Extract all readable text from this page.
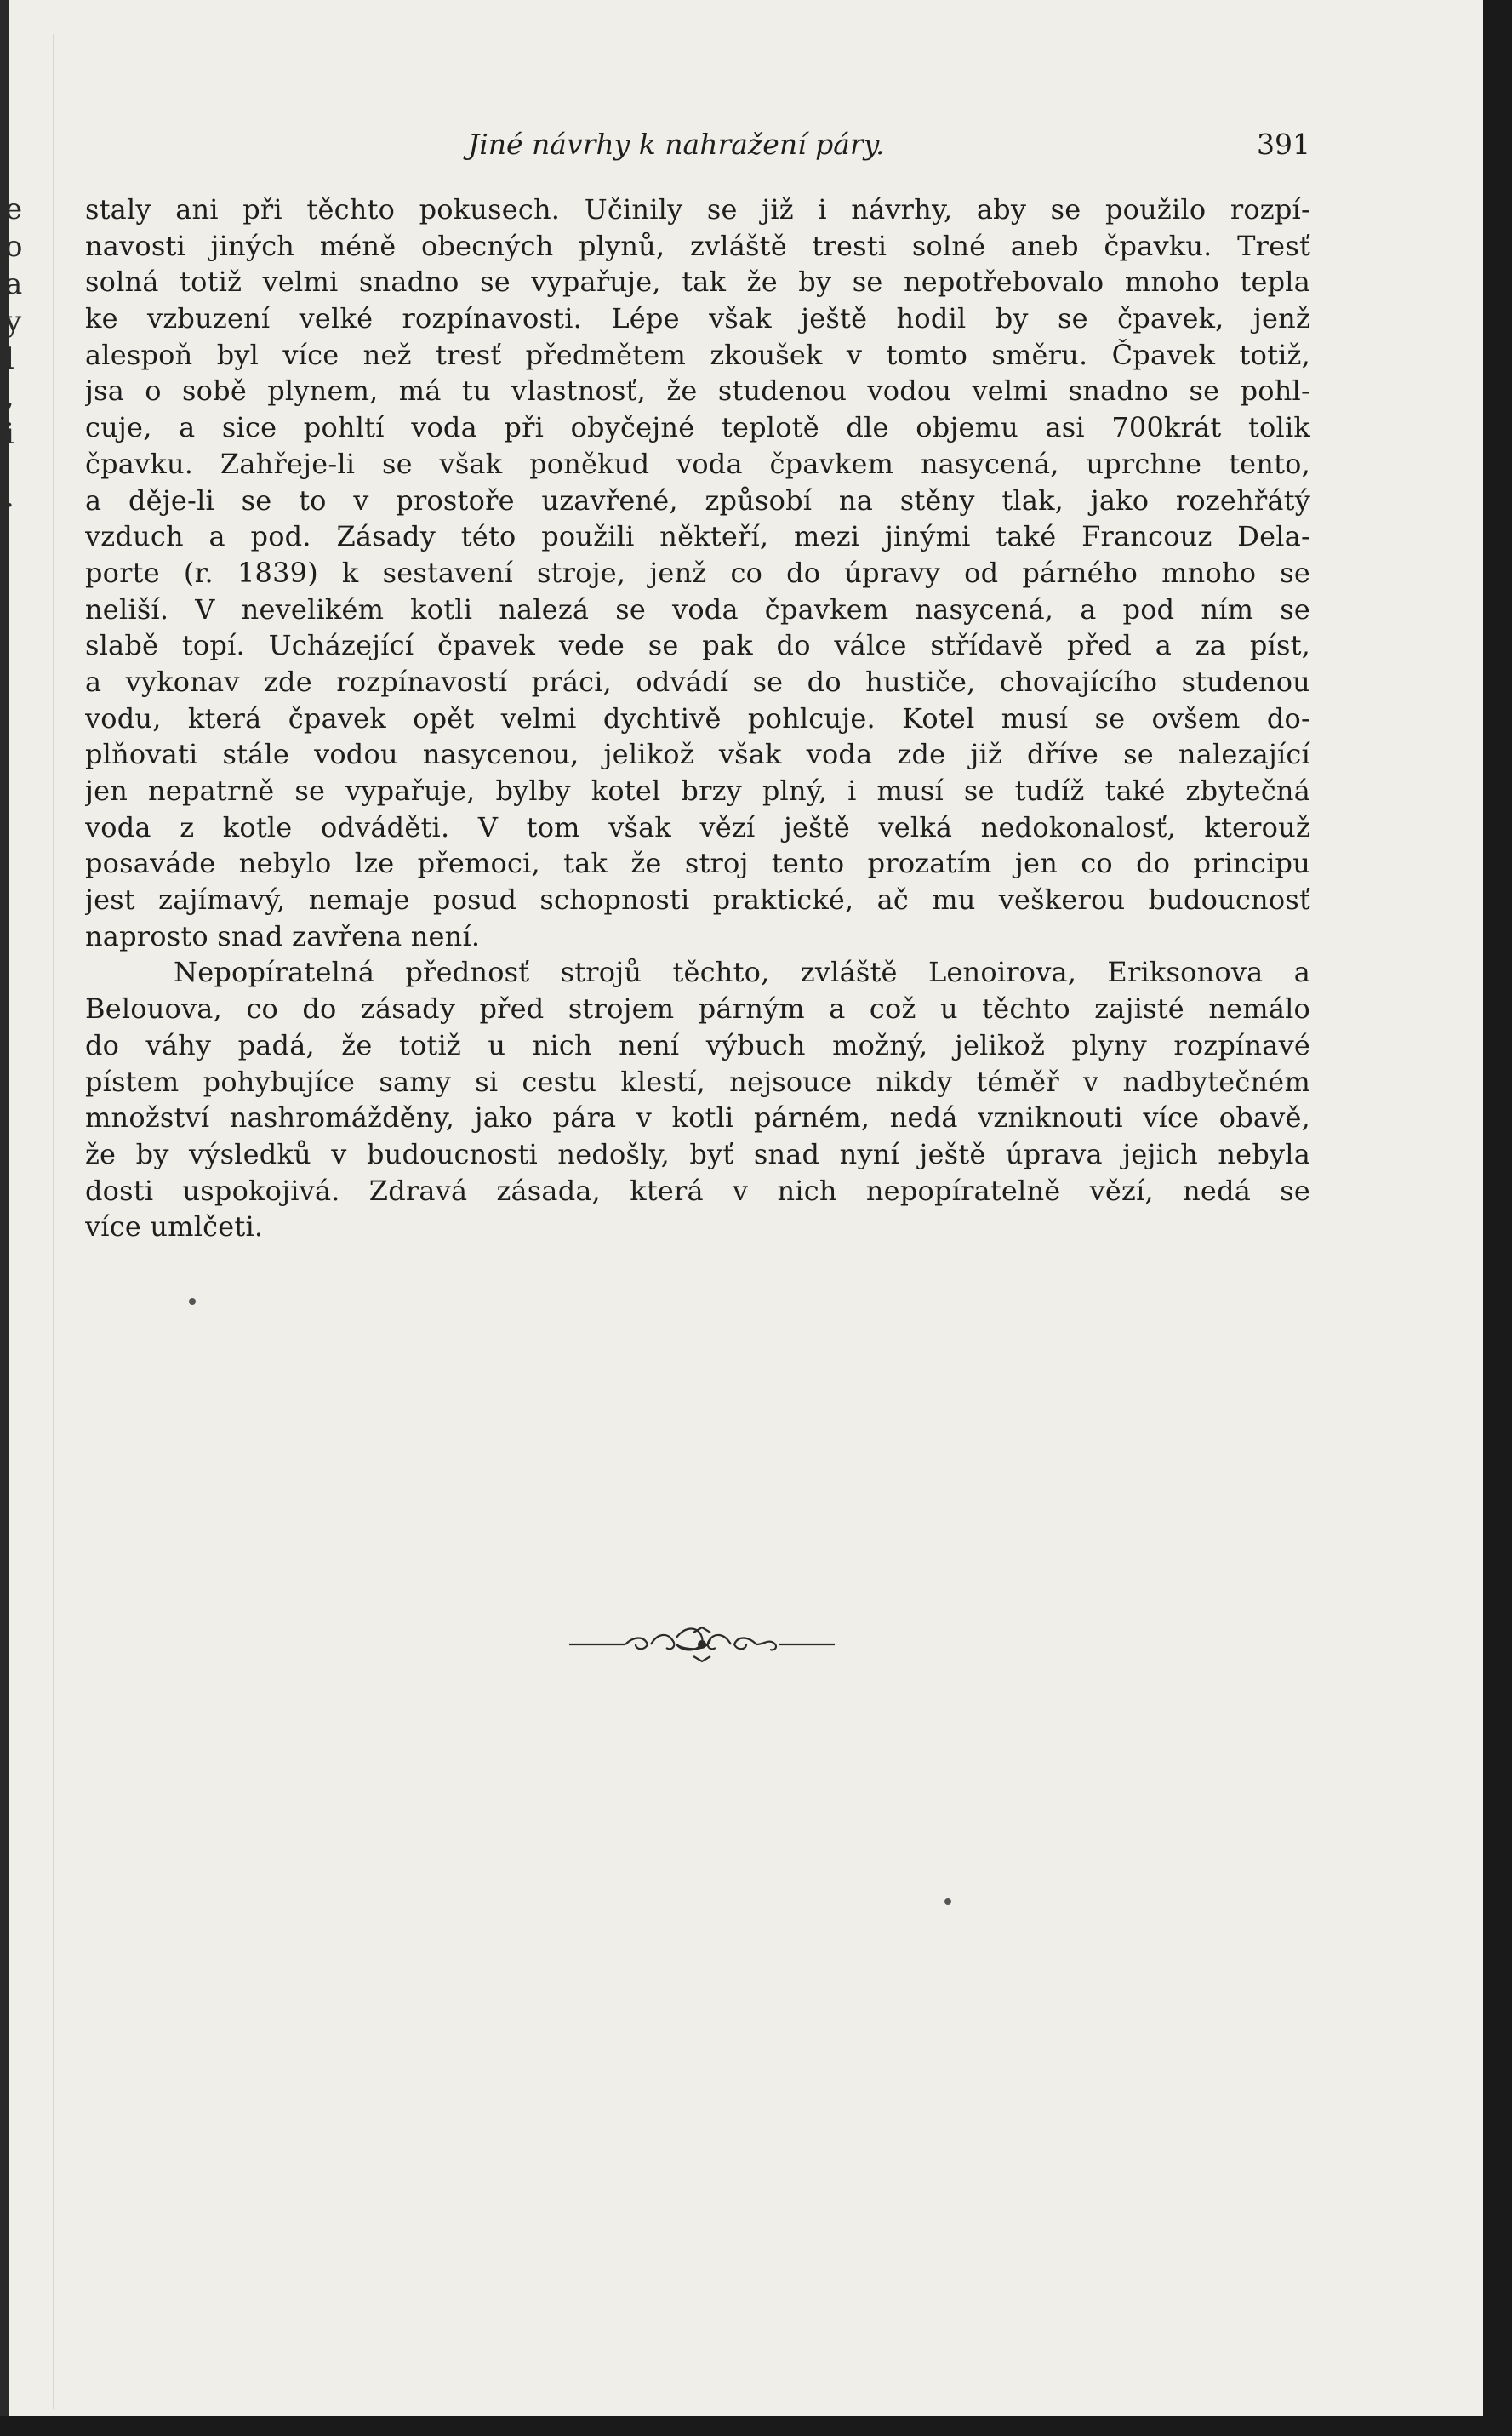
e
o
a
y
l
,
i
.
Jiné návrhy k nahražení páry.	391
staly ani při těchto pokusech. Učinily se již i návrhy, aby se použilo rozpí-
navosti jiných méně obecných plynů, zvláště tresti solné aneb čpavku. Tresť
solná totiž velmi snadno se vypařuje, tak že by se nepotřebovalo mnoho tepla
ke vzbuzení velké rozpínavosti. Lépe však ještě hodil by se čpavek, jenž
alespoň byl více než tresť předmětem zkoušek v tomto směru. Čpavek totiž,
jsa o sobě plynem, má tu vlastnosť, že studenou vodou velmi snadno se pohl-
cuje, a sice pohltí voda při obyčejné teplotě dle objemu asi 700krát tolik
čpavku. Zahřeje-li se však poněkud voda čpavkem nasycená, uprchne tento,
a děje-li se to v prostoře uzavřené, způsobí na stěny tlak, jako rozehřátý
vzduch a pod. Zásady této použili někteří, mezi jinými také Francouz Dela-
porte (r. 1839) k sestavení stroje, jenž co do úpravy od párného mnoho se
neliší. V nevelikém kotli nalezá se voda čpavkem nasycená, a pod ním se
slabě topí. Ucházející čpavek vede se pak do válce střídavě před a za píst,
a vykonav zde rozpínavostí práci, odvádí se do hustiče, chovajícího studenou
vodu, která čpavek opět velmi dychtivě pohlcuje. Kotel musí se ovšem do-
plňovati stále vodou nasycenou, jelikož však voda zde již dříve se nalezající
jen nepatrně se vypařuje, bylby kotel brzy plný, i musí se tudíž také zbytečná
voda z kotle odváděti. V tom však vězí ještě velká nedokonalosť, kterouž
posaváde nebylo lze přemoci, tak že stroj tento prozatím jen co do principu
jest zajímavý, nemaje posud schopnosti praktické, ač mu veškerou budoucnosť
naprosto snad zavřena není.
Nepopíratelná přednosť strojů těchto, zvláště Lenoirova, Eriksonova a
Belouova, co do zásady před strojem párným a což u těchto zajisté nemálo
do váhy padá, že totiž u nich není výbuch možný, jelikož plyny rozpínavé
pístem pohybujíce samy si cestu klestí, nejsouce nikdy téměř v nadbytečném
množství nashromážděny, jako pára v kotli párném, nedá vzniknouti více obavě,
že by výsledků v budoucnosti nedošly, byť snad nyní ještě úprava jejich nebyla
dosti uspokojivá. Zdravá zásada, která v nich nepopíratelně vězí, nedá se
více umlčeti.
